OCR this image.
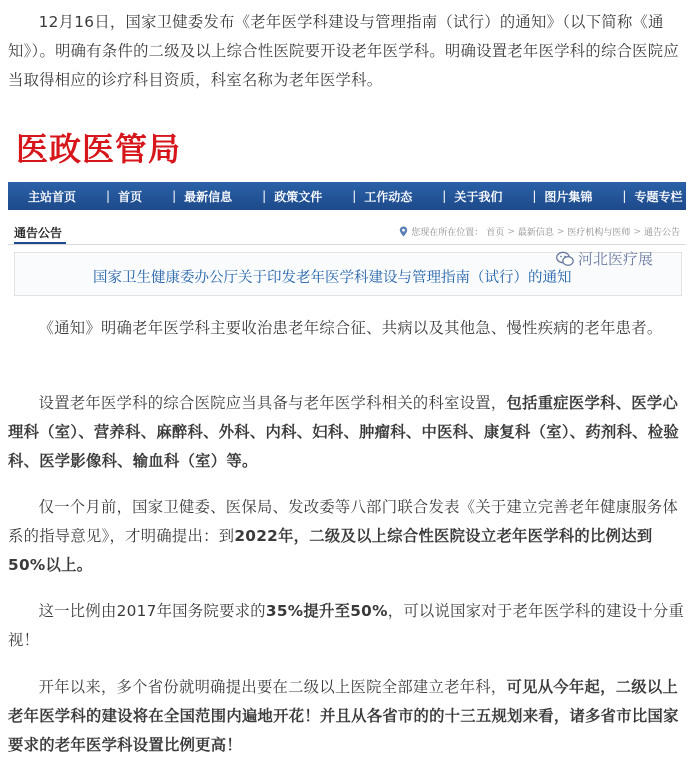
12月16日，国家卫健委发布《老年医学科建设与管理指南（试行）的通知》（以下简称《通知》）。明确有条件的二级及以上综合性医院要开设老年医学科。明确设置老年医学科的综合医院应当取得相应的诊疗科目资质，科室名称为老年医学科。

医政医管局
主站首页	| 首页	| 最新信息	| 政策文件	| 工作动态	| 关于我们	| 图片集锦	| 专题专栏
通告公告	您现在所在位置： 首页 > 最新信息 > 医疗机构与医师 > 通告公告
国家卫生健康委办公厅关于印发老年医学科建设与管理指南（试行）的通知
河北医疗展

《通知》明确老年医学科主要收治患老年综合征、共病以及其他急、慢性疾病的老年患者。

设置老年医学科的综合医院应当具备与老年医学科相关的科室设置，包括重症医学科、医学心理科（室）、营养科、麻醉科、外科、内科、妇科、肿瘤科、中医科、康复科（室）、药剂科、检验科、医学影像科、输血科（室）等。

仅一个月前，国家卫健委、医保局、发改委等八部门联合发表《关于建立完善老年健康服务体系的指导意见》，才明确提出：到2022年，二级及以上综合性医院设立老年医学科的比例达到50%以上。

这一比例由2017年国务院要求的35%提升至50%，可以说国家对于老年医学科的建设十分重视！

开年以来，多个省份就明确提出要在二级以上医院全部建立老年科，可见从今年起，二级以上老年医学科的建设将在全国范围内遍地开花！并且从各省市的的十三五规划来看，诸多省市比国家要求的老年医学科设置比例更高！
